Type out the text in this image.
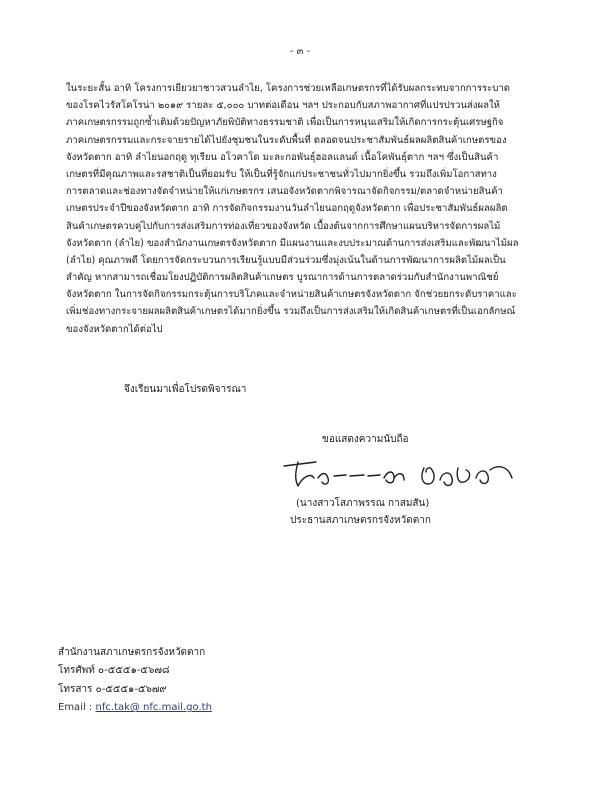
- ๓ -
ในระยะสั้น อาทิ โครงการเยียวยาชาวสวนลำไย, โครงการช่วยเหลือเกษตรกรที่ได้รับผลกระทบจากการระบาด
ของโรคไวรัสโคโรน่า ๒๐๑๙ รายละ ๕,๐๐๐ บาทต่อเดือน ฯลฯ ประกอบกับสภาพอากาศที่แปรปรวนส่งผลให้
ภาคเกษตรกรรมถูกซ้ำเติมด้วยปัญหาภัยพิบัติทางธรรมชาติ เพื่อเป็นการหนุนเสริมให้เกิดการกระตุ้นเศรษฐกิจ
ภาคเกษตรกรรมและกระจายรายได้ไปยังชุมชนในระดับพื้นที่ ตลอดจนประชาสัมพันธ์ผลผลิตสินค้าเกษตรของ
จังหวัดตาก อาทิ ลำไยนอกฤดู ทุเรียน อโวคาโด มะละกอพันธุ์ฮอลแลนด์ เนื้อโคพันธุ์ตาก ฯลฯ ซึ่งเป็นสินค้า
เกษตรที่มีคุณภาพและรสชาติเป็นที่ยอมรับ ให้เป็นที่รู้จักแก่ประชาชนทั่วไปมากยิ่งขึ้น รวมถึงเพิ่มโอกาสทาง
การตลาดและช่องทางจัดจำหน่ายให้แก่เกษตรกร เสนอจังหวัดตากพิจารณาจัดกิจกรรม/ตลาดจำหน่ายสินค้า
เกษตรประจำปีของจังหวัดตาก อาทิ การจัดกิจกรรมงานวันลำไยนอกฤดูจังหวัดตาก เพื่อประชาสัมพันธ์ผลผลิต
สินค้าเกษตรควบคู่ไปกับการส่งเสริมการท่องเที่ยวของจังหวัด เบื้องต้นจากการศึกษาแผนบริหารจัดการผลไม้
จังหวัดตาก (ลำไย) ของสำนักงานเกษตรจังหวัดตาก มีแผนงานและงบประมาณด้านการส่งเสริมและพัฒนาไม้ผล
(ลำไย) คุณภาพดี โดยการจัดกระบวนการเรียนรู้แบบมีส่วนร่วมซึ่งมุ่งเน้นในด้านการพัฒนาการผลิตไม้ผลเป็น
สำคัญ หากสามารถเชื่อมโยงปฏิบัติการผลิตสินค้าเกษตร บูรณาการด้านการตลาดร่วมกับสำนักงานพาณิชย์
จังหวัดตาก ในการจัดกิจกรรมกระตุ้นการบริโภคและจำหน่ายสินค้าเกษตรจังหวัดตาก จักช่วยยกระดับราคาและ
เพิ่มช่องทางกระจายผลผลิตสินค้าเกษตรได้มากยิ่งขึ้น รวมถึงเป็นการส่งเสริมให้เกิดสินค้าเกษตรที่เป็นเอกลักษณ์
ของจังหวัดตากได้ต่อไป
จึงเรียนมาเพื่อโปรดพิจารณา
ขอแสดงความนับถือ
(นางสาวโสภาพรรณ กาสมสัน)
ประธานสภาเกษตรกรจังหวัดตาก
สำนักงานสภาเกษตรกรจังหวัดตาก
โทรศัพท์ ๐-๕๕๕๑-๕๖๗๘
โทรสาร ๐-๕๕๕๑-๕๖๗๙
Email : nfc.tak@ nfc.mail.go.th
